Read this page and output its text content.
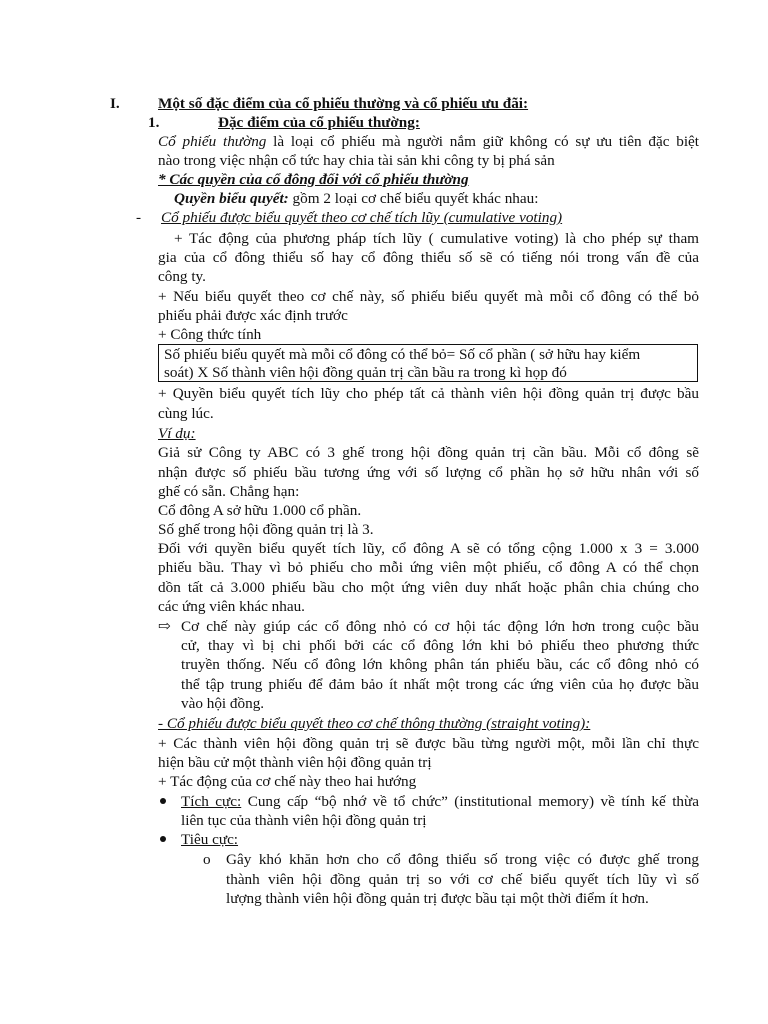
I.	Một số đặc điểm của cổ phiếu thường và cổ phiếu ưu đãi:
1.	Đặc điểm của cổ phiếu thường:
Cổ phiếu thường là loại cổ phiếu mà người nắm giữ không có sự ưu tiên đặc biệt
nào trong việc nhận cổ tức hay chia tài sản khi công ty bị phá sản
* Các quyền của cổ đông đối với cổ phiếu thường
Quyền biểu quyết: gồm 2 loại cơ chế biểu quyết khác nhau:
- Cổ phiếu được biểu quyết theo cơ chế tích lũy (cumulative voting)
+ Tác động của phương pháp tích lũy ( cumulative voting) là cho phép sự tham
gia của cổ đông thiểu số hay cổ đông thiểu số sẽ có tiếng nói trong vấn đề của
công ty.
+ Nếu biểu quyết theo cơ chế này, số phiếu biểu quyết mà mỗi cổ đông có thể bỏ
phiếu phải được xác định trước
+ Công thức tính
Số phiếu biểu quyết mà mỗi cổ đông có thể bỏ= Số cổ phần ( sở hữu hay kiểm
soát) X Số thành viên hội đồng quản trị cần bầu ra trong kì họp đó
+ Quyền biểu quyết tích lũy cho phép tất cả thành viên hội đồng quản trị được bầu
cùng lúc.
Ví dụ:
Giả sử Công ty ABC có 3 ghế trong hội đồng quản trị cần bầu. Mỗi cổ đông sẽ
nhận được số phiếu bầu tương ứng với số lượng cổ phần họ sở hữu nhân với số
ghế có sẵn. Chẳng hạn:
Cổ đông A sở hữu 1.000 cổ phần.
Số ghế trong hội đồng quản trị là 3.
Đối với quyền biểu quyết tích lũy, cổ đông A sẽ có tổng cộng 1.000 x 3 = 3.000
phiếu bầu. Thay vì bỏ phiếu cho mỗi ứng viên một phiếu, cổ đông A có thể chọn
dồn tất cả 3.000 phiếu bầu cho một ứng viên duy nhất hoặc phân chia chúng cho
các ứng viên khác nhau.
⇨ Cơ chế này giúp các cổ đông nhỏ có cơ hội tác động lớn hơn trong cuộc bầu
cử, thay vì bị chi phối bởi các cổ đông lớn khi bỏ phiếu theo phương thức
truyền thống. Nếu cổ đông lớn không phân tán phiếu bầu, các cổ đông nhỏ có
thể tập trung phiếu để đảm bảo ít nhất một trong các ứng viên của họ được bầu
vào hội đồng.
- Cổ phiếu được biểu quyết theo cơ chế thông thường (straight voting):
+ Các thành viên hội đồng quản trị sẽ được bầu từng người một, mỗi lần chỉ thực
hiện bầu cử một thành viên hội đồng quản trị
+ Tác động của cơ chế này theo hai hướng
Tích cực: Cung cấp “bộ nhớ về tổ chức” (institutional memory) về tính kế thừa
liên tục của thành viên hội đồng quản trị
Tiêu cực:
o Gây khó khăn hơn cho cổ đông thiểu số trong việc có được ghế trong
thành viên hội đồng quản trị so với cơ chế biểu quyết tích lũy vì số
lượng thành viên hội đồng quản trị được bầu tại một thời điểm ít hơn.
